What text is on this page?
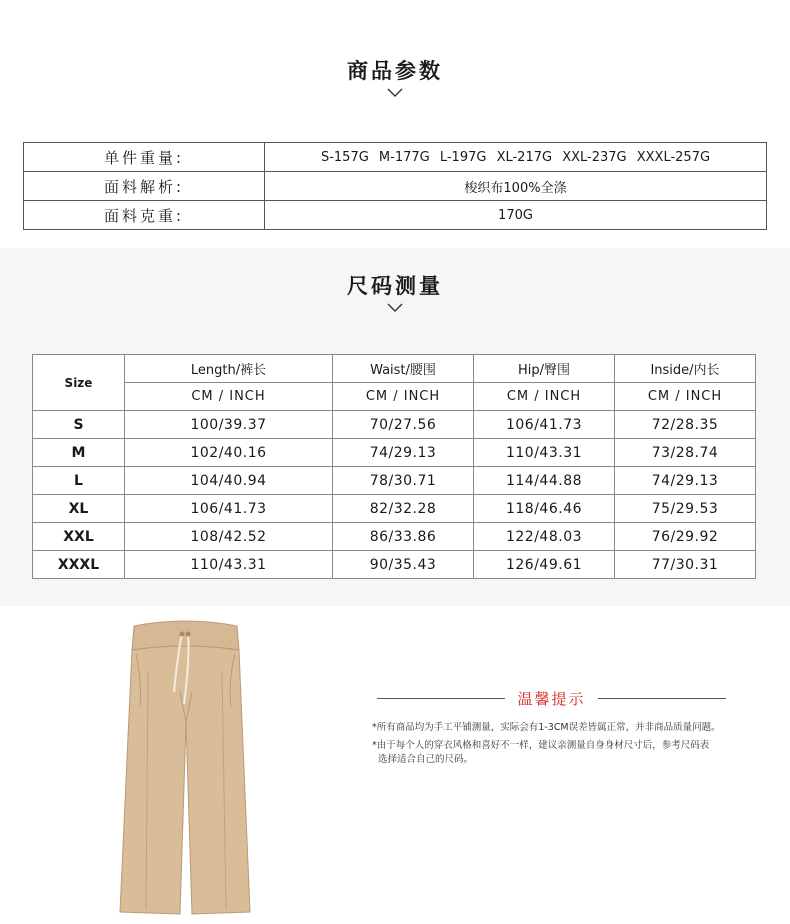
商品参数
单件重量:	S-157G M-177G L-197G XL-217G XXL-237G XXXL-257G
面料解析:	梭织布100%全涤
面料克重:	170G
尺码测量
Size	Length/裤长	Waist/腰围	Hip/臀围	Inside/内长
	CM / INCH	CM / INCH	CM / INCH	CM / INCH
S	100/39.37	70/27.56	106/41.73	72/28.35
M	102/40.16	74/29.13	110/43.31	73/28.74
L	104/40.94	78/30.71	114/44.88	74/29.13
XL	106/41.73	82/32.28	118/46.46	75/29.53
XXL	108/42.52	86/33.86	122/48.03	76/29.92
XXXL	110/43.31	90/35.43	126/49.61	77/30.31
温馨提示
*所有商品均为手工平铺测量，实际会有1-3CM误差皆属正常，并非商品质量问题。
*由于每个人的穿衣风格和喜好不一样，建议亲测量自身身材尺寸后，参考尺码表
选择适合自己的尺码。
